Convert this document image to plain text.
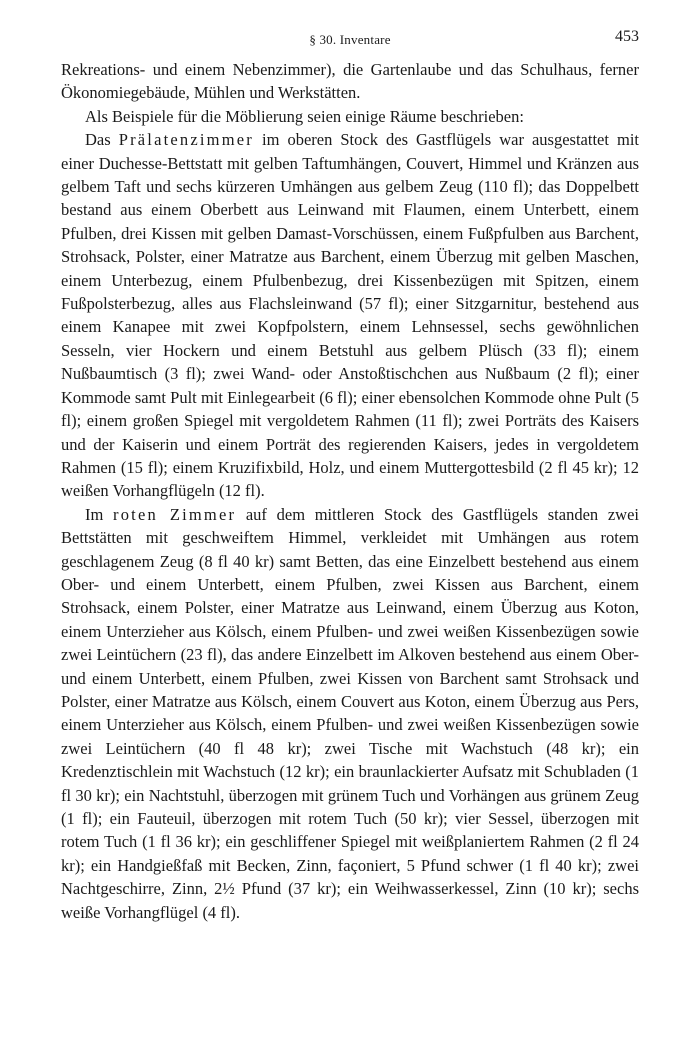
§ 30. Inventare	453

Rekreations- und einem Nebenzimmer), die Gartenlaube und das Schulhaus, ferner Ökonomiegebäude, Mühlen und Werkstätten.

Als Beispiele für die Möblierung seien einige Räume beschrieben:

Das Prälatenzimmer im oberen Stock des Gastflügels war ausgestattet mit einer Duchesse-Bettstatt mit gelben Taftumhängen, Couvert, Himmel und Kränzen aus gelbem Taft und sechs kürzeren Umhängen aus gelbem Zeug (110 fl); das Doppelbett bestand aus einem Oberbett aus Leinwand mit Flaumen, einem Unterbett, einem Pfulben, drei Kissen mit gelben Damast-Vorschüssen, einem Fußpfulben aus Barchent, Strohsack, Polster, einer Matratze aus Barchent, einem Überzug mit gelben Maschen, einem Unterbezug, einem Pfulbenbezug, drei Kissenbezügen mit Spitzen, einem Fußpolsterbezug, alles aus Flachsleinwand (57 fl); einer Sitzgarnitur, bestehend aus einem Kanapee mit zwei Kopfpolstern, einem Lehnsessel, sechs gewöhnlichen Sesseln, vier Hockern und einem Betstuhl aus gelbem Plüsch (33 fl); einem Nußbaumtisch (3 fl); zwei Wand- oder Anstoßtischchen aus Nußbaum (2 fl); einer Kommode samt Pult mit Einlegearbeit (6 fl); einer ebensolchen Kommode ohne Pult (5 fl); einem großen Spiegel mit vergoldetem Rahmen (11 fl); zwei Porträts des Kaisers und der Kaiserin und einem Porträt des regierenden Kaisers, jedes in vergoldetem Rahmen (15 fl); einem Kruzifixbild, Holz, und einem Muttergottesbild (2 fl 45 kr); 12 weißen Vorhangflügeln (12 fl).

Im roten Zimmer auf dem mittleren Stock des Gastflügels standen zwei Bettstätten mit geschweiftem Himmel, verkleidet mit Umhängen aus rotem geschlagenem Zeug (8 fl 40 kr) samt Betten, das eine Einzelbett bestehend aus einem Ober- und einem Unterbett, einem Pfulben, zwei Kissen aus Barchent, einem Strohsack, einem Polster, einer Matratze aus Leinwand, einem Überzug aus Koton, einem Unterzieher aus Kölsch, einem Pfulben- und zwei weißen Kissenbezügen sowie zwei Leintüchern (23 fl), das andere Einzelbett im Alkoven bestehend aus einem Ober- und einem Unterbett, einem Pfulben, zwei Kissen von Barchent samt Strohsack und Polster, einer Matratze aus Kölsch, einem Couvert aus Koton, einem Überzug aus Pers, einem Unterzieher aus Kölsch, einem Pfulben- und zwei weißen Kissenbezügen sowie zwei Leintüchern (40 fl 48 kr); zwei Tische mit Wachstuch (48 kr); ein Kredenztischlein mit Wachstuch (12 kr); ein braunlackierter Aufsatz mit Schubladen (1 fl 30 kr); ein Nachtstuhl, überzogen mit grünem Tuch und Vorhängen aus grünem Zeug (1 fl); ein Fauteuil, überzogen mit rotem Tuch (50 kr); vier Sessel, überzogen mit rotem Tuch (1 fl 36 kr); ein geschliffener Spiegel mit weißplaniertem Rahmen (2 fl 24 kr); ein Handgießfaß mit Becken, Zinn, façoniert, 5 Pfund schwer (1 fl 40 kr); zwei Nachtgeschirre, Zinn, 2½ Pfund (37 kr); ein Weihwasserkessel, Zinn (10 kr); sechs weiße Vorhangflügel (4 fl).
